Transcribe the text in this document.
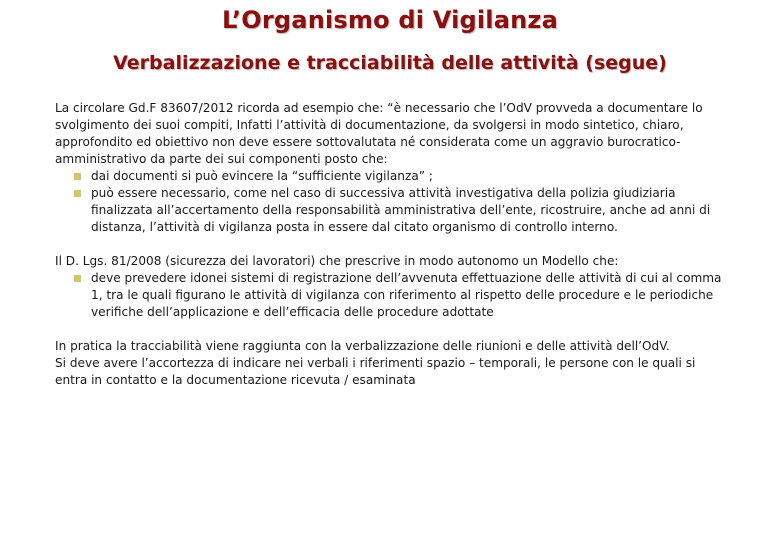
L’Organismo di Vigilanza
Verbalizzazione e tracciabilità delle attività (segue)

La circolare Gd.F 83607/2012 ricorda ad esempio che: “è necessario che l’OdV provveda a documentare lo svolgimento dei suoi compiti, Infatti l’attività di documentazione, da svolgersi in modo sintetico, chiaro, approfondito ed obiettivo non deve essere sottovalutata né considerata come un aggravio burocratico-amministrativo da parte dei sui componenti posto che:

dai documenti si può evincere la “sufficiente vigilanza” ;
può essere necessario, come nel caso di successiva attività investigativa della polizia giudiziaria finalizzata all’accertamento della responsabilità amministrativa dell’ente, ricostruire, anche ad anni di distanza, l’attività di vigilanza posta in essere dal citato organismo di controllo interno.

Il D. Lgs. 81/2008 (sicurezza dei lavoratori) che prescrive in modo autonomo un Modello che:

deve prevedere idonei sistemi di registrazione dell’avvenuta effettuazione delle attività di cui al comma 1, tra le quali figurano le attività di vigilanza con riferimento al rispetto delle procedure e le periodiche verifiche dell’applicazione e dell’efficacia delle procedure adottate

In pratica la tracciabilità viene raggiunta con la verbalizzazione delle riunioni e delle attività dell’OdV.

Si deve avere l’accortezza di indicare nei verbali i riferimenti spazio – temporali, le persone con le quali si entra in contatto e la documentazione ricevuta / esaminata
